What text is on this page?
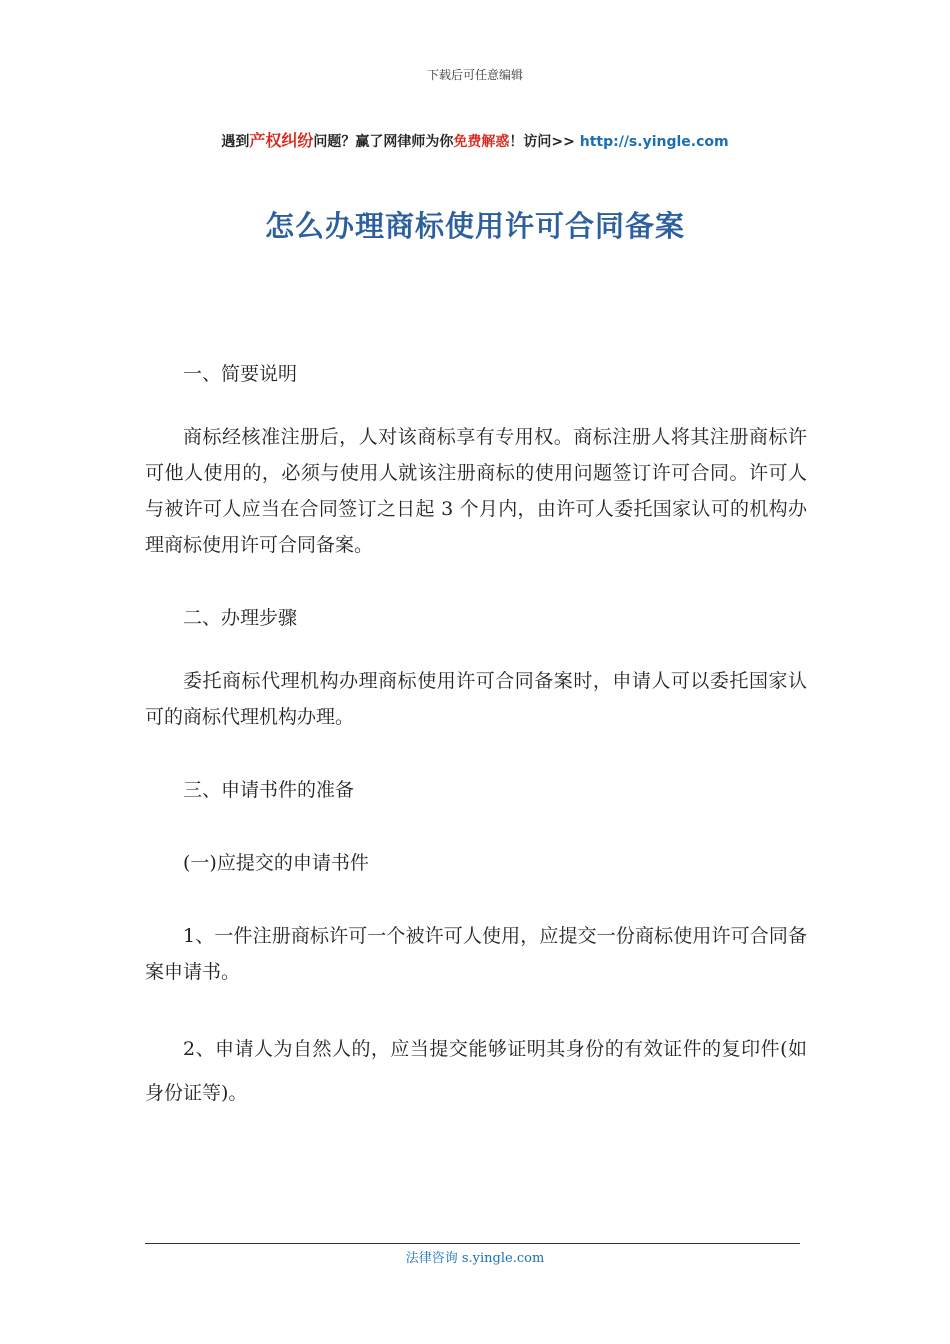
下载后可任意编辑
遇到产权纠纷问题？赢了网律师为你免费解惑！访问>> http://s.yingle.com
怎么办理商标使用许可合同备案

一、简要说明

商标经核准注册后，人对该商标享有专用权。商标注册人将其注册商标许可他人使用的，必须与使用人就该注册商标的使用问题签订许可合同。许可人与被许可人应当在合同签订之日起 3 个月内，由许可人委托国家认可的机构办理商标使用许可合同备案。

二、办理步骤

委托商标代理机构办理商标使用许可合同备案时，申请人可以委托国家认可的商标代理机构办理。

三、申请书件的准备

(一)应提交的申请书件

1、一件注册商标许可一个被许可人使用，应提交一份商标使用许可合同备案申请书。

2、申请人为自然人的，应当提交能够证明其身份的有效证件的复印件(如身份证等)。

法律咨询 s.yingle.com
